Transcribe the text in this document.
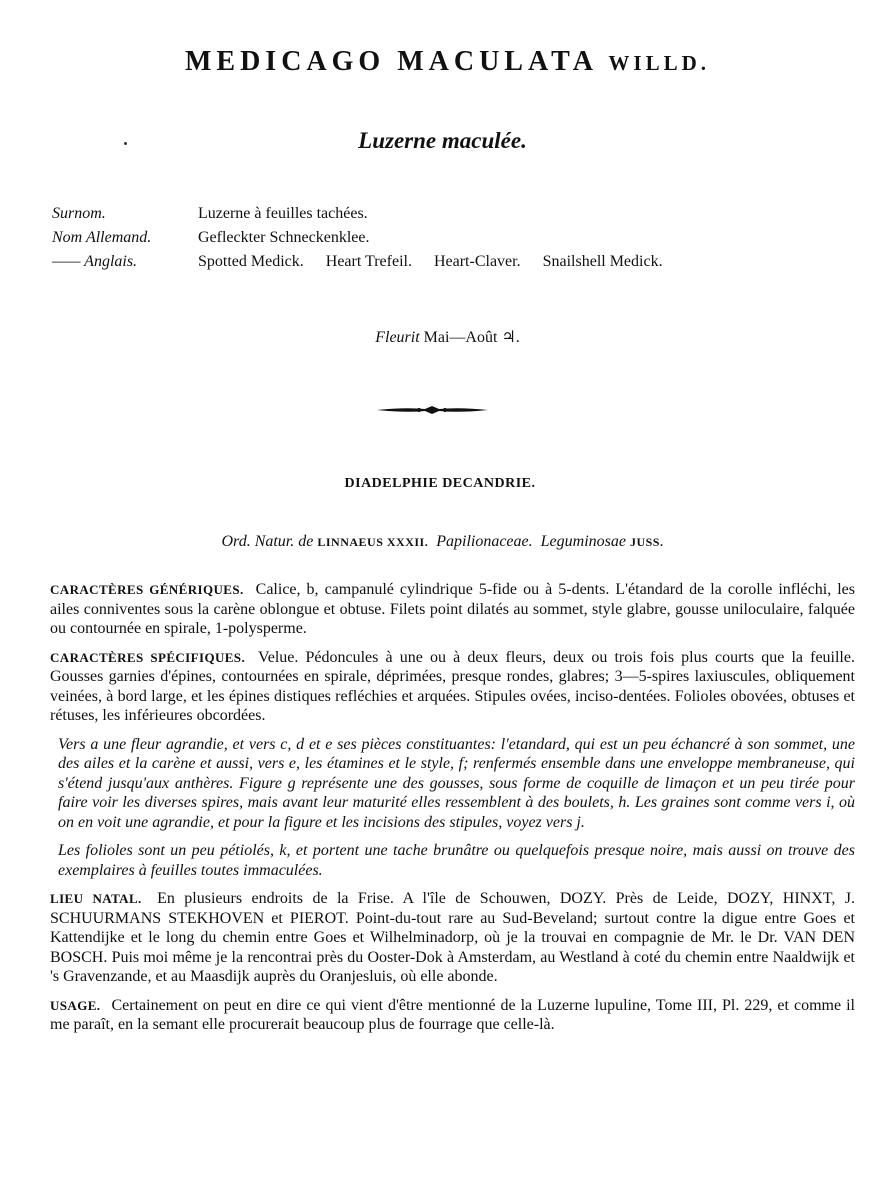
MEDICAGO MACULATA WILLD.
Luzerne maculée.
Surnom.	Luzerne à feuilles tachées.
Nom Allemand.	Gefleckter Schneckenklee.
—— Anglais.	Spotted Medick. Heart Trefeil. Heart-Claver. Snailshell Medick.
Fleurit Mai—Août ♃.
DIADELPHIE DECANDRIE.
Ord. Natur. de LINNAEUS XXXII. Papilionaceae. Leguminosae JUSS.

CARACTÈRES GÉNÉRIQUES. Calice, b, campanulé cylindrique 5-fide ou à 5-dents. L'étandard de la corolle infléchi, les ailes conniventes sous la carène oblongue et obtuse. Filets point dilatés au sommet, style glabre, gousse uniloculaire, falquée ou contournée en spirale, 1-polysperme.

CARACTÈRES SPÉCIFIQUES. Velue. Pédoncules à une ou à deux fleurs, deux ou trois fois plus courts que la feuille. Gousses garnies d'épines, contournées en spirale, déprimées, presque rondes, glabres; 3—5-spires laxiuscules, obliquement veinées, à bord large, et les épines distiques refléchies et arquées. Stipules ovées, inciso-dentées. Folioles obovées, obtuses et rétuses, les inférieures obcordées.

Vers a une fleur agrandie, et vers c, d et e ses pièces constituantes: l'etandard, qui est un peu échancré à son sommet, une des ailes et la carène et aussi, vers e, les étamines et le style, f; renfermés ensemble dans une enveloppe membraneuse, qui s'étend jusqu'aux anthères. Figure g représente une des gousses, sous forme de coquille de limaçon et un peu tirée pour faire voir les diverses spires, mais avant leur maturité elles ressemblent à des boulets, h. Les graines sont comme vers i, où on en voit une agrandie, et pour la figure et les incisions des stipules, voyez vers j.

Les folioles sont un peu pétiolés, k, et portent une tache brunâtre ou quelquefois presque noire, mais aussi on trouve des exemplaires à feuilles toutes immaculées.

LIEU NATAL. En plusieurs endroits de la Frise. A l'île de Schouwen, DOZY. Près de Leide, DOZY, HINXT, J. SCHUURMANS STEKHOVEN et PIEROT. Point-du-tout rare au Sud-Beveland; surtout contre la digue entre Goes et Kattendijke et le long du chemin entre Goes et Wilhelminadorp, où je la trouvai en compagnie de Mr. le Dr. VAN DEN BOSCH. Puis moi même je la rencontrai près du Ooster-Dok à Amsterdam, au Westland à coté du chemin entre Naaldwijk et 's Gravenzande, et au Maasdijk auprès du Oranjesluis, où elle abonde.

USAGE. Certainement on peut en dire ce qui vient d'être mentionné de la Luzerne lupuline, Tome III, Pl. 229, et comme il me paraît, en la semant elle procurerait beaucoup plus de fourrage que celle-là.
